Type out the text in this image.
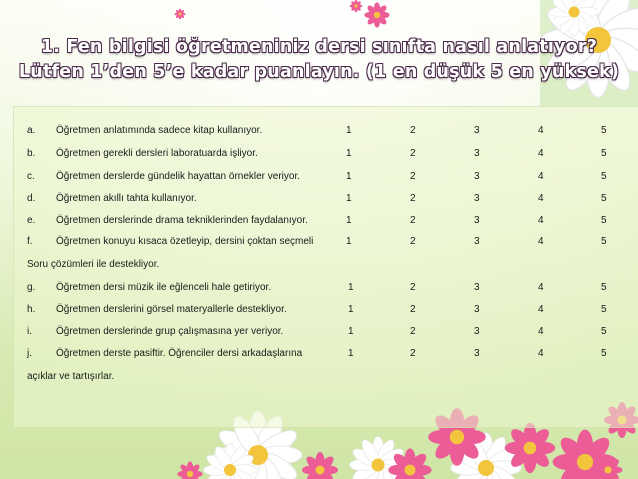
1. Fen bilgisi öğretmeniniz dersi sınıfta nasıl anlatıyor?
Lütfen 1’den 5’e kadar puanlayın. (1 en düşük 5 en yüksek)
a. Öğretmen anlatımında sadece kitap kullanıyor.	1	2	3	4	5
b. Öğretmen gerekli dersleri laboratuarda işliyor.	1	2	3	4	5
c. Öğretmen derslerde gündelik hayattan örnekler veriyor.	1	2	3	4	5
d. Öğretmen akıllı tahta kullanıyor.	1	2	3	4	5
e. Öğretmen derslerinde drama tekniklerinden faydalanıyor.	1	2	3	4	5
f. Öğretmen konuyu kısaca özetleyip, dersini çoktan seçmeli	1	2	3	4	5
Soru çözümleri ile destekliyor.
g. Öğretmen dersi müzik ile eğlenceli hale getiriyor.	1	2	3	4	5
h. Öğretmen derslerini görsel materyallerle destekliyor.	1	2	3	4	5
i. Öğretmen derslerinde grup çalışmasına yer veriyor.	1	2	3	4	5
j. Öğretmen derste pasiftir. Öğrenciler dersi arkadaşlarına	1	2	3	4	5
açıklar ve tartışırlar.
